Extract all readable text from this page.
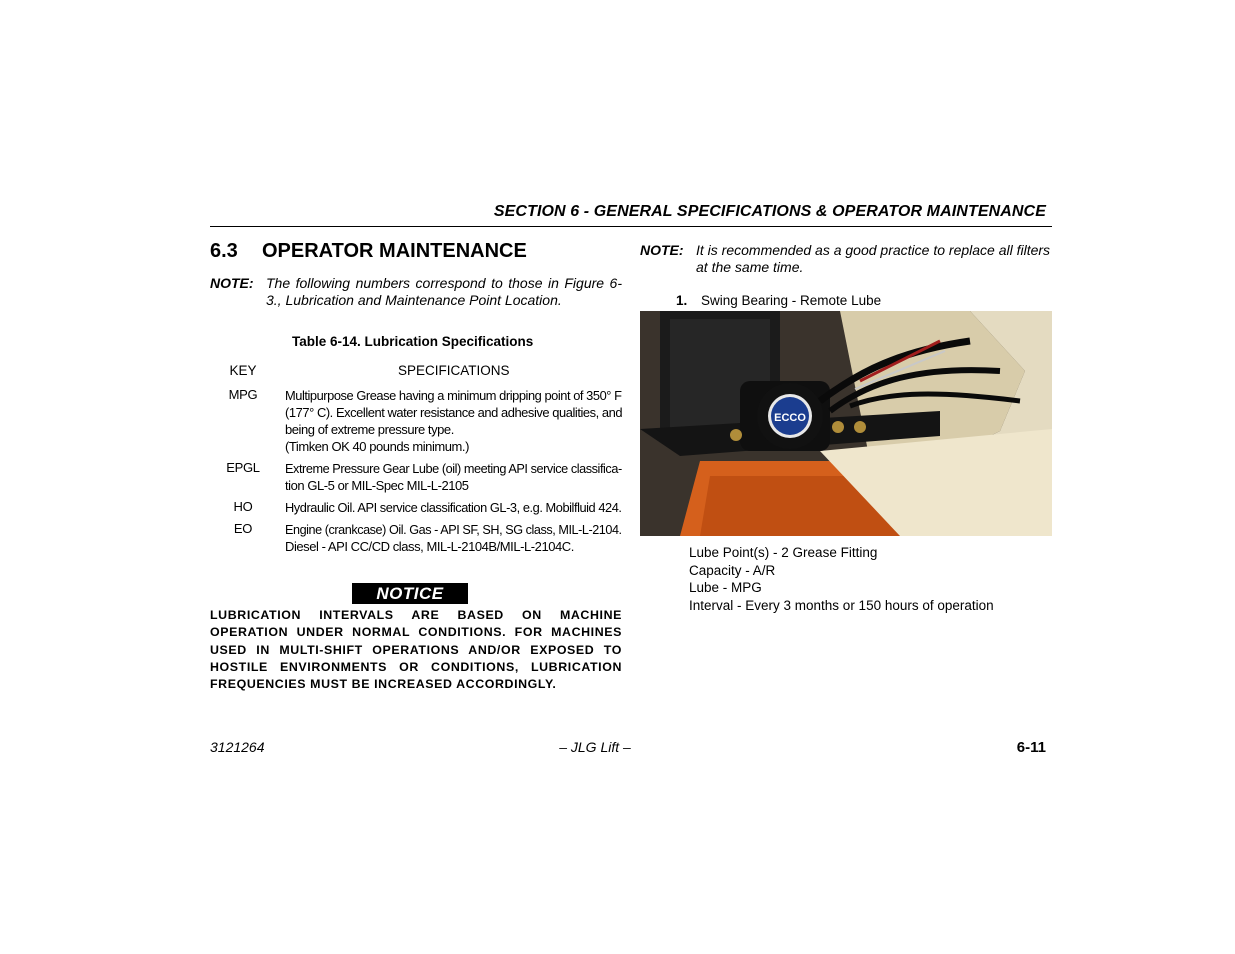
SECTION 6 - GENERAL SPECIFICATIONS & OPERATOR MAINTENANCE
6.3 OPERATOR MAINTENANCE
NOTE: The following numbers correspond to those in Figure 6-3., Lubrication and Maintenance Point Location.
Table 6-14. Lubrication Specifications
KEY	SPECIFICATIONS
MPG	Multipurpose Grease having a minimum dripping point of 350° F
(177° C). Excellent water resistance and adhesive qualities, and
being of extreme pressure type.
(Timken OK 40 pounds minimum.)
EPGL	Extreme Pressure Gear Lube (oil) meeting API service classifica-
tion GL-5 or MIL-Spec MIL-L-2105
HO	Hydraulic Oil. API service classification GL-3, e.g. Mobilfluid 424.
EO	Engine (crankcase) Oil. Gas - API SF, SH, SG class, MIL-L-2104.
Diesel - API CC/CD class, MIL-L-2104B/MIL-L-2104C.
NOTICE
LUBRICATION INTERVALS ARE BASED ON MACHINE OPERATION UNDER NORMAL CONDITIONS. FOR MACHINES USED IN MULTI-SHIFT OPERATIONS AND/OR EXPOSED TO HOSTILE ENVIRONMENTS OR CONDITIONS, LUBRICATION FREQUENCIES MUST BE INCREASED ACCORDINGLY.
NOTE: It is recommended as a good practice to replace all filters at the same time.
1. Swing Bearing - Remote Lube
ECCO
Lube Point(s) - 2 Grease Fitting
Capacity - A/R
Lube - MPG
Interval - Every 3 months or 150 hours of operation
3121264	– JLG Lift –	6-11
